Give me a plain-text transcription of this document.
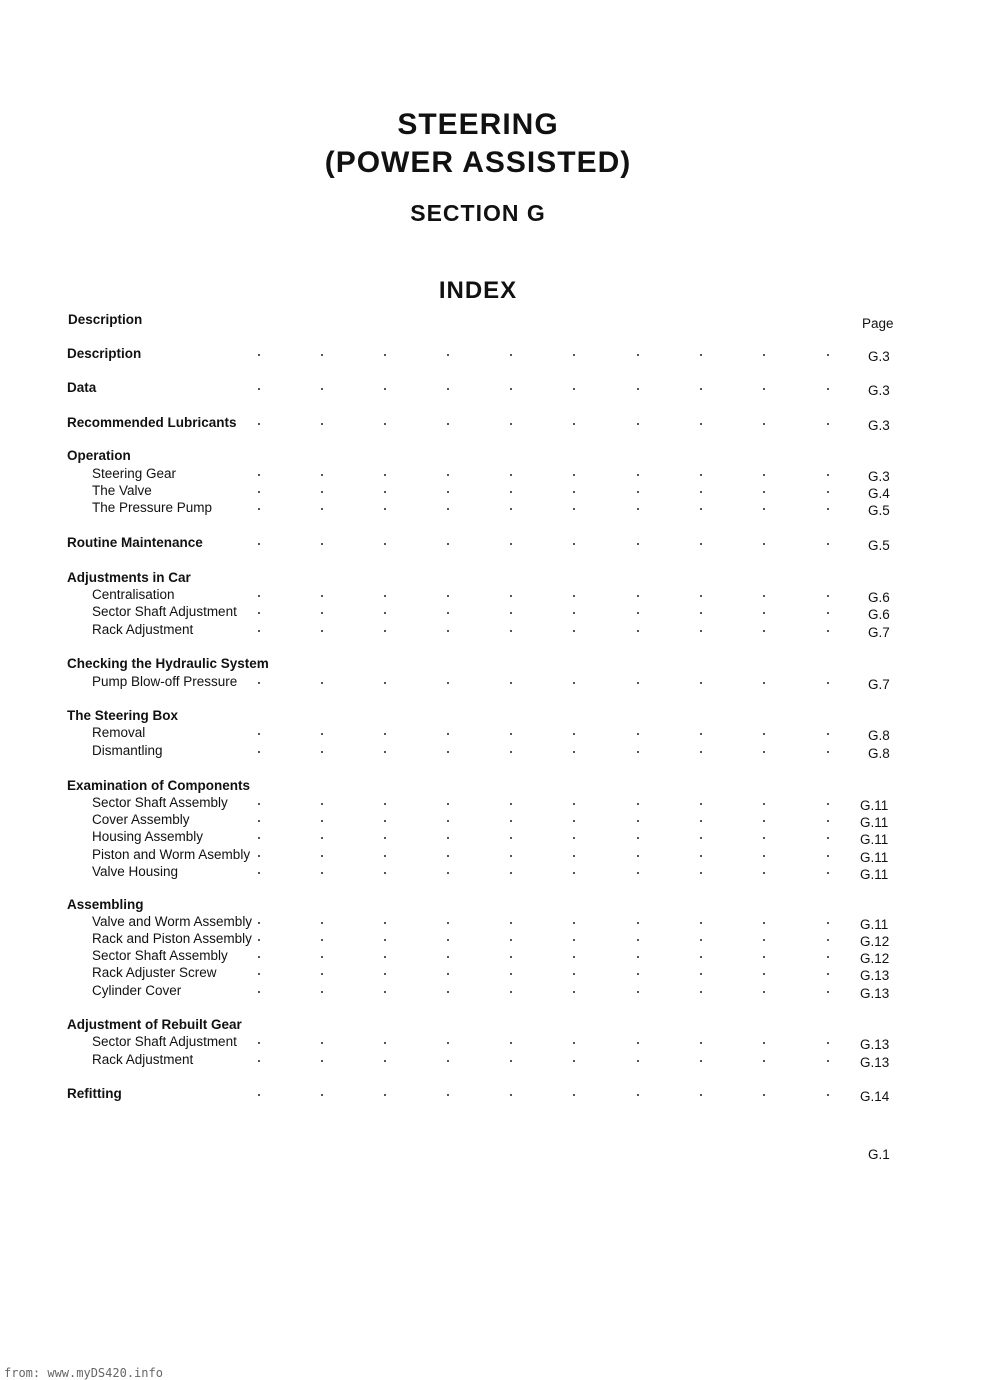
STEERING
(POWER ASSISTED)
SECTION G
INDEX
Description	Page
Description	G.3
Data	G.3
Recommended Lubricants	G.3
Operation
Steering Gear	G.3
The Valve	G.4
The Pressure Pump	G.5
Routine Maintenance	G.5
Adjustments in Car
Centralisation	G.6
Sector Shaft Adjustment	G.6
Rack Adjustment	G.7
Checking the Hydraulic System
Pump Blow-off Pressure	G.7
The Steering Box
Removal	G.8
Dismantling	G.8
Examination of Components
Sector Shaft Assembly	G.11
Cover Assembly	G.11
Housing Assembly	G.11
Piston and Worm Asembly	G.11
Valve Housing	G.11
Assembling
Valve and Worm Assembly	G.11
Rack and Piston Assembly	G.12
Sector Shaft Assembly	G.12
Rack Adjuster Screw	G.13
Cylinder Cover	G.13
Adjustment of Rebuilt Gear
Sector Shaft Adjustment	G.13
Rack Adjustment	G.13
Refitting	G.14
G.1
from: www.myDS420.info
